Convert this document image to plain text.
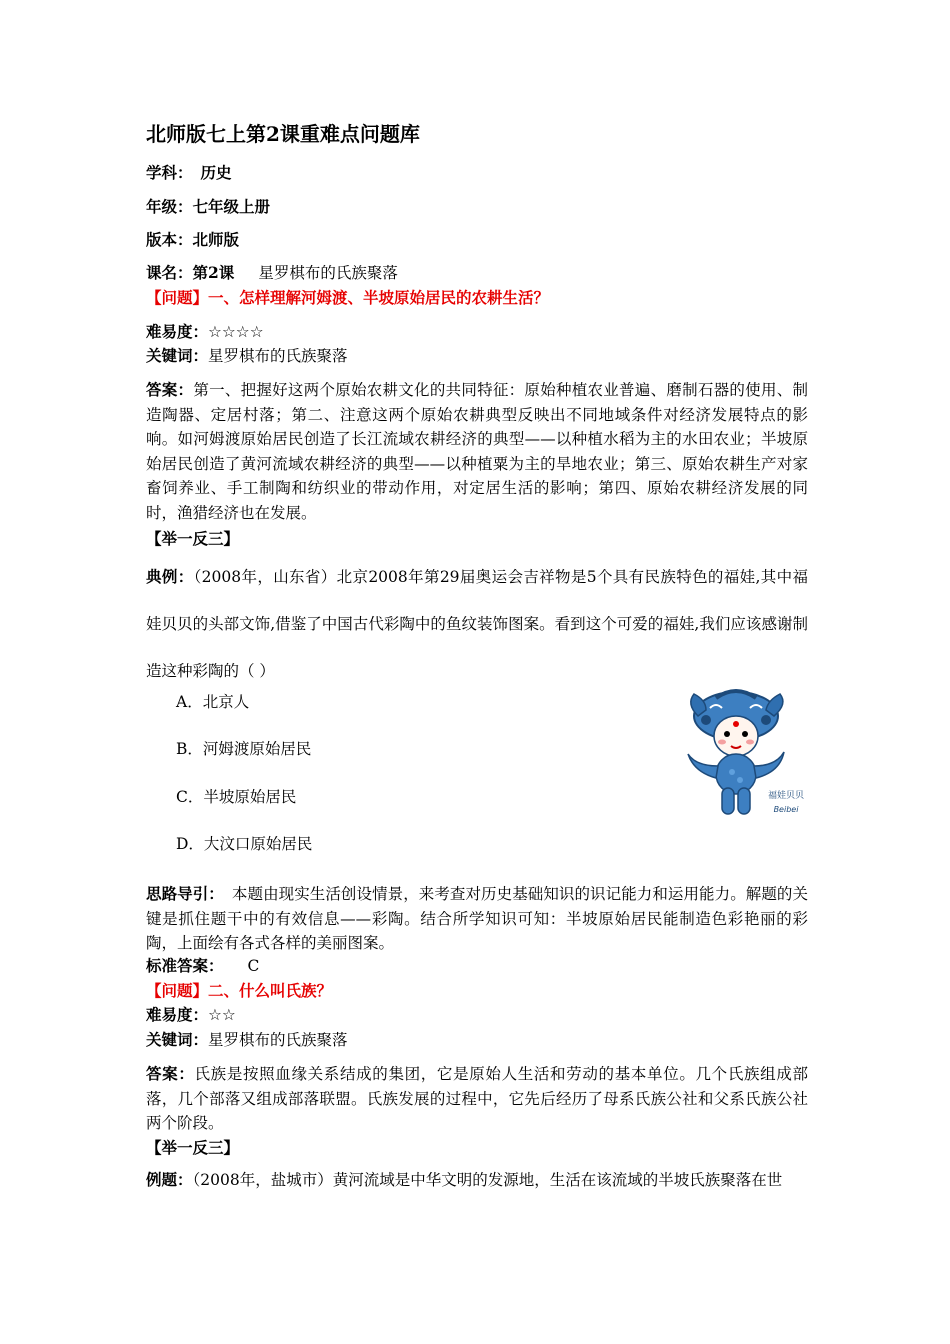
北师版七上第2课重难点问题库
学科： 历史
年级：七年级上册
版本：北师版
课名：第2课 星罗棋布的氏族聚落
【问题】一、怎样理解河姆渡、半坡原始居民的农耕生活？
难易度：☆☆☆☆
关键词：星罗棋布的氏族聚落
答案：第一、把握好这两个原始农耕文化的共同特征：原始种植农业普遍、磨制石器的使用、制造陶器、定居村落；第二、注意这两个原始农耕典型反映出不同地域条件对经济发展特点的影响。如河姆渡原始居民创造了长江流域农耕经济的典型——以种植水稻为主的水田农业；半坡原始居民创造了黄河流域农耕经济的典型——以种植粟为主的旱地农业；第三、原始农耕生产对家畜饲养业、手工制陶和纺织业的带动作用，对定居生活的影响；第四、原始农耕经济发展的同时，渔猎经济也在发展。
【举一反三】
典例：（2008年，山东省）北京2008年第29届奥运会吉祥物是5个具有民族特色的福娃,其中福娃贝贝的头部文饰,借鉴了中国古代彩陶中的鱼纹装饰图案。看到这个可爱的福娃,我们应该感谢制造这种彩陶的（ ）
A．北京人
B．河姆渡原始居民
C．半坡原始居民
D．大汶口原始居民
福娃贝贝
Beibei
思路导引： 本题由现实生活创设情景，来考查对历史基础知识的识记能力和运用能力。解题的关键是抓住题干中的有效信息——彩陶。结合所学知识可知：半坡原始居民能制造色彩艳丽的彩陶，上面绘有各式各样的美丽图案。
标准答案： C
【问题】二、什么叫氏族？
难易度：☆☆
关键词：星罗棋布的氏族聚落
答案：氏族是按照血缘关系结成的集团，它是原始人生活和劳动的基本单位。几个氏族组成部落，几个部落又组成部落联盟。氏族发展的过程中，它先后经历了母系氏族公社和父系氏族公社两个阶段。
【举一反三】
例题：（2008年，盐城市）黄河流域是中华文明的发源地，生活在该流域的半坡氏族聚落在世
